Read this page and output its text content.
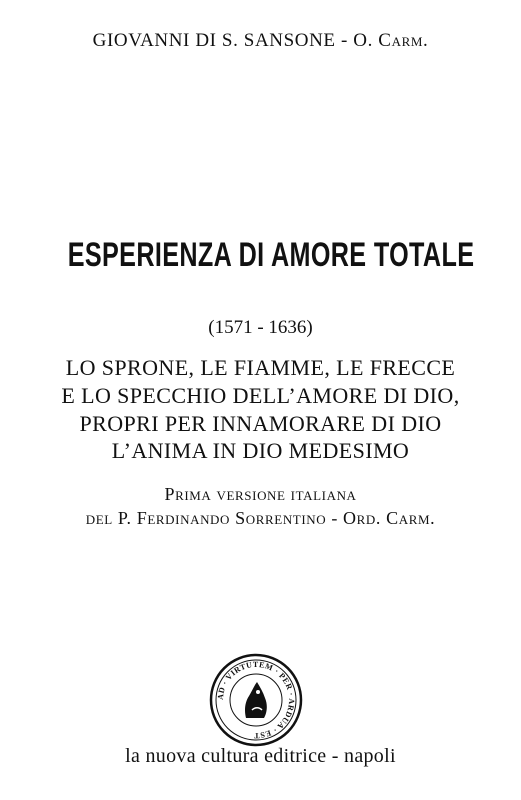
GIOVANNI DI S. SANSONE - O. Carm.
ESPERIENZA DI AMORE TOTALE
(1571 - 1636)
LO SPRONE, LE FIAMME, LE FRECCE
E LO SPECCHIO DELL’AMORE DI DIO,
PROPRI PER INNAMORARE DI DIO
L’ANIMA IN DIO MEDESIMO
Prima versione italiana
del P. Ferdinando Sorrentino - Ord. Carm.
AD · VIRTUTEM · PER · ARDUA · EST
la nuova cultura editrice - napoli
